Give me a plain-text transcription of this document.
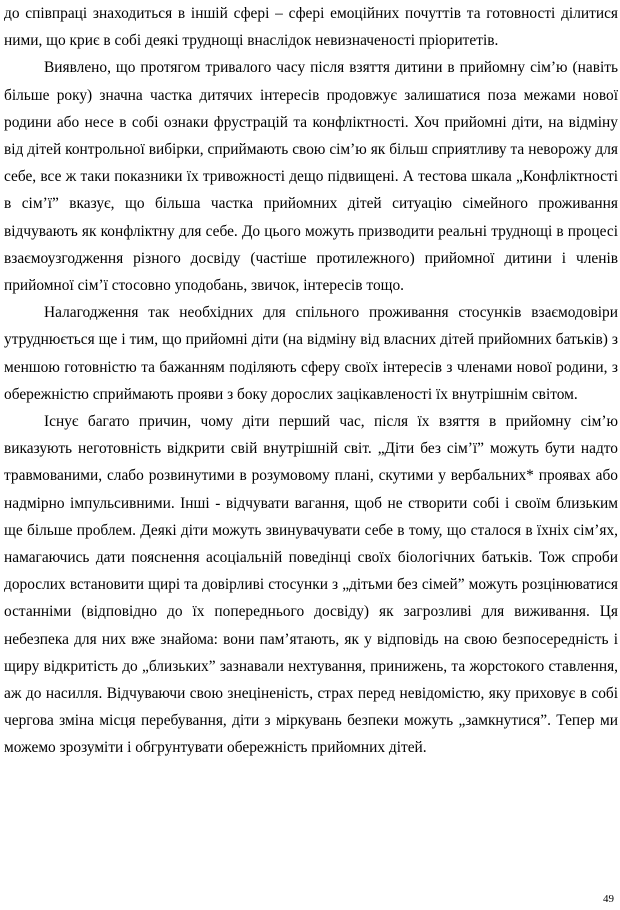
до співпраці знаходиться в іншій сфері – сфері емоційних почуттів та готовності ділитися ними, що криє в собі деякі труднощі внаслідок невизначеності пріоритетів.

Виявлено, що протягом тривалого часу після взяття дитини в прийомну сім’ю (навіть більше року) значна частка дитячих інтересів продовжує залишатися поза межами нової родини або несе в собі ознаки фрустрацій та конфліктності. Хоч прийомні діти, на відміну від дітей контрольної вибірки, сприймають свою сім’ю як більш сприятливу та неворожу для себе, все ж таки показники їх тривожності дещо підвищені. А тестова шкала „Конфліктності в сім’ї” вказує, що більша частка прийомних дітей ситуацію сімейного проживання відчувають як конфліктну для себе. До цього можуть призводити реальні труднощі в процесі взаємоузгодження різного досвіду (частіше протилежного) прийомної дитини і членів прийомної сім’ї стосовно уподобань, звичок, інтересів тощо.

Налагодження так необхідних для спільного проживання стосунків взаємодовіри утруднюється ще і тим, що прийомні діти (на відміну від власних дітей прийомних батьків) з меншою готовністю та бажанням поділяють сферу своїх інтересів з членами нової родини, з обережністю сприймають прояви з боку дорослих зацікавленості їх внутрішнім світом.

Існує багато причин, чому діти перший час, після їх взяття в прийомну сім’ю виказують неготовність відкрити свій внутрішній світ. „Діти без сім’ї” можуть бути надто травмованими, слабо розвинутими в розумовому плані, скутими у вербальних* проявах або надмірно імпульсивними. Інші - відчувати вагання, щоб не створити собі і своїм близьким ще більше проблем. Деякі діти можуть звинувачувати себе в тому, що сталося в їхніх сім’ях, намагаючись дати пояснення асоціальній поведінці своїх біологічних батьків. Тож спроби дорослих встановити щирі та довірливі стосунки з „дітьми без сімей” можуть розцінюватися останніми (відповідно до їх попереднього досвіду) як загрозливі для виживання. Ця небезпека для них вже знайома: вони пам’ятають, як у відповідь на свою безпосередність і щиру відкритість до „близьких” зазнавали нехтування, принижень, та жорстокого ставлення, аж до насилля. Відчуваючи свою знеціненість, страх перед невідомістю, яку приховує в собі чергова зміна місця перебування, діти з міркувань безпеки можуть „замкнутися”. Тепер ми можемо зрозуміти і обгрунтувати обережність прийомних дітей.

49
